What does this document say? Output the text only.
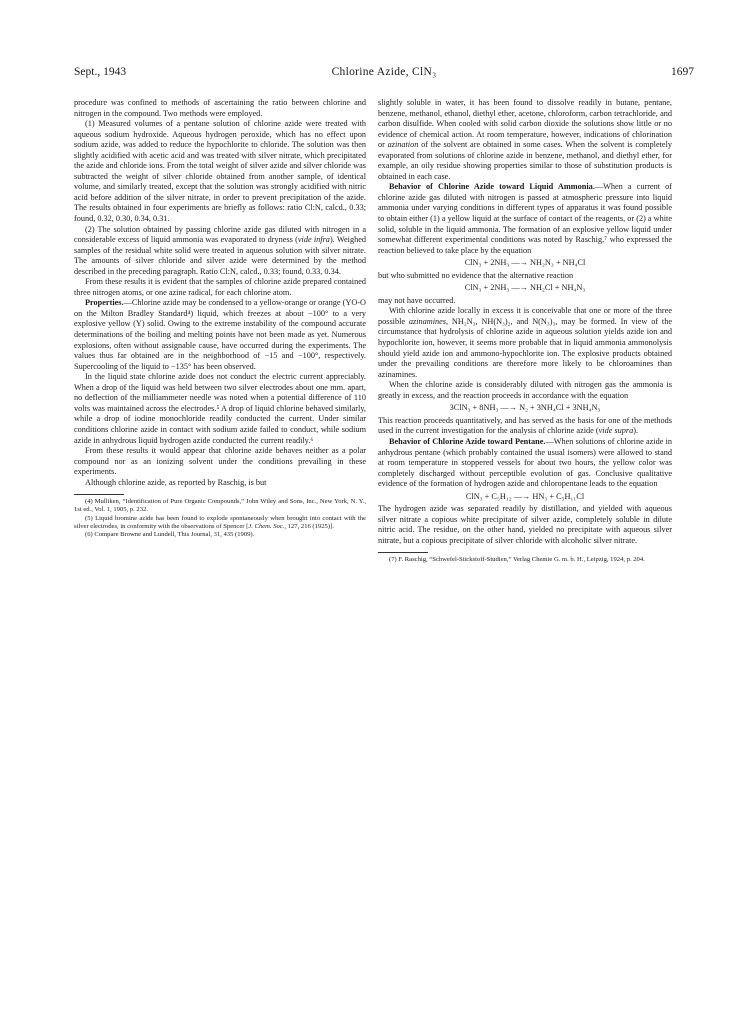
Sept., 1943	Chlorine Azide, ClN₃	1697

procedure was confined to methods of ascertaining the ratio between chlorine and nitrogen in the compound. Two methods were employed.

(1) Measured volumes of a pentane solution of chlorine azide were treated with aqueous sodium hydroxide. Aqueous hydrogen peroxide, which has no effect upon sodium azide, was added to reduce the hypochlorite to chloride. The solution was then slightly acidified with acetic acid and was treated with silver nitrate, which precipitated the azide and chloride ions. From the total weight of silver azide and silver chloride was subtracted the weight of silver chloride obtained from another sample, of identical volume, and similarly treated, except that the solution was strongly acidified with nitric acid before addition of the silver nitrate, in order to prevent precipitation of the azide. The results obtained in four experiments are briefly as follows: ratio Cl:N, calcd., 0.33; found, 0.32, 0.30, 0.34, 0.31.

(2) The solution obtained by passing chlorine azide gas diluted with nitrogen in a considerable excess of liquid ammonia was evaporated to dryness (vide infra). Weighed samples of the residual white solid were treated in aqueous solution with silver nitrate. The amounts of silver chloride and silver azide were determined by the method described in the preceding paragraph. Ratio Cl:N, calcd., 0.33; found, 0.33, 0.34.

From these results it is evident that the samples of chlorine azide prepared contained three nitrogen atoms, or one azine radical, for each chlorine atom.

Properties.—Chlorine azide may be condensed to a yellow-orange or orange (YO-O on the Milton Bradley Standard⁴) liquid, which freezes at about −100° to a very explosive yellow (Y) solid. Owing to the extreme instability of the compound accurate determinations of the boiling and melting points have not been made as yet. Numerous explosions, often without assignable cause, have occurred during the experiments. The values thus far obtained are in the neighborhood of −15 and −100°, respectively. Supercooling of the liquid to −135° has been observed.

In the liquid state chlorine azide does not conduct the electric current appreciably. When a drop of the liquid was held between two silver electrodes about one mm. apart, no deflection of the milliammeter needle was noted when a potential difference of 110 volts was maintained across the electrodes.⁵ A drop of liquid chlorine behaved similarly, while a drop of iodine monochloride readily conducted the current. Under similar conditions chlorine azide in contact with sodium azide failed to conduct, while sodium azide in anhydrous liquid hydrogen azide conducted the current readily.⁶

From these results it would appear that chlorine azide behaves neither as a polar compound nor as an ionizing solvent under the conditions prevailing in these experiments.

Although chlorine azide, as reported by Raschig, is but

(4) Mulliken, “Identification of Pure Organic Compounds,” John Wiley and Sons, Inc., New York, N. Y., 1st ed., Vol. 1, 1905, p. 232.

(5) Liquid bromine azide has been found to explode spontaneously when brought into contact with the silver electrodes, in conformity with the observations of Spencer [J. Chem. Soc., 127, 216 (1925)].

(6) Compare Browne and Lundell, This Journal, 31, 435 (1909).

slightly soluble in water, it has been found to dissolve readily in butane, pentane, benzene, methanol, ethanol, diethyl ether, acetone, chloroform, carbon tetrachloride, and carbon disulfide. When cooled with solid carbon dioxide the solutions show little or no evidence of chemical action. At room temperature, however, indications of chlorination or azination of the solvent are obtained in some cases. When the solvent is completely evaporated from solutions of chlorine azide in benzene, methanol, and diethyl ether, for example, an oily residue showing properties similar to those of substitution products is obtained in each case.

Behavior of Chlorine Azide toward Liquid Ammonia.—When a current of chlorine azide gas diluted with nitrogen is passed at atmospheric pressure into liquid ammonia under varying conditions in different types of apparatus it was found possible to obtain either (1) a yellow liquid at the surface of contact of the reagents, or (2) a white solid, soluble in the liquid ammonia. The formation of an explosive yellow liquid under somewhat different experimental conditions was noted by Raschig,⁷ who expressed the reaction believed to take place by the equation

ClN₃ + 2NH₃ —→ NH₂N₃ + NH₄Cl

but who submitted no evidence that the alternative reaction

ClN₃ + 2NH₃ —→ NH₂Cl + NH₄N₃

may not have occurred.

With chlorine azide locally in excess it is conceivable that one or more of the three possible azinamines, NH₂N₃, NH(N₃)₂, and N(N₃)₃, may be formed. In view of the circumstance that hydrolysis of chlorine azide in aqueous solution yields azide ion and hypochlorite ion, however, it seems more probable that in liquid ammonia ammonolysis should yield azide ion and ammono-hypochlorite ion. The explosive products obtained under the prevailing conditions are therefore more likely to be chloroamines than azinamines.

When the chlorine azide is considerably diluted with nitrogen gas the ammonia is greatly in excess, and the reaction proceeds in accordance with the equation

3ClN₃ + 8NH₃ —→ N₂ + 3NH₄Cl + 3NH₄N₃

This reaction proceeds quantitatively, and has served as the basis for one of the methods used in the current investigation for the analysis of chlorine azide (vide supra).

Behavior of Chlorine Azide toward Pentane.—When solutions of chlorine azide in anhydrous pentane (which probably contained the usual isomers) were allowed to stand at room temperature in stoppered vessels for about two hours, the yellow color was completely discharged without perceptible evolution of gas. Conclusive qualitative evidence of the formation of hydrogen azide and chloropentane leads to the equation

ClN₃ + C₅H₁₂ —→ HN₃ + C₅H₁₁Cl

The hydrogen azide was separated readily by distillation, and yielded with aqueous silver nitrate a copious white precipitate of silver azide, completely soluble in dilute nitric acid. The residue, on the other hand, yielded no precipitate with aqueous silver nitrate, but a copious precipitate of silver chloride with alcoholic silver nitrate.

(7) F. Raschig, “Schwefel-Stickstoff-Studien,” Verlag Chemie G. m. b. H., Leipzig, 1924, p. 204.
